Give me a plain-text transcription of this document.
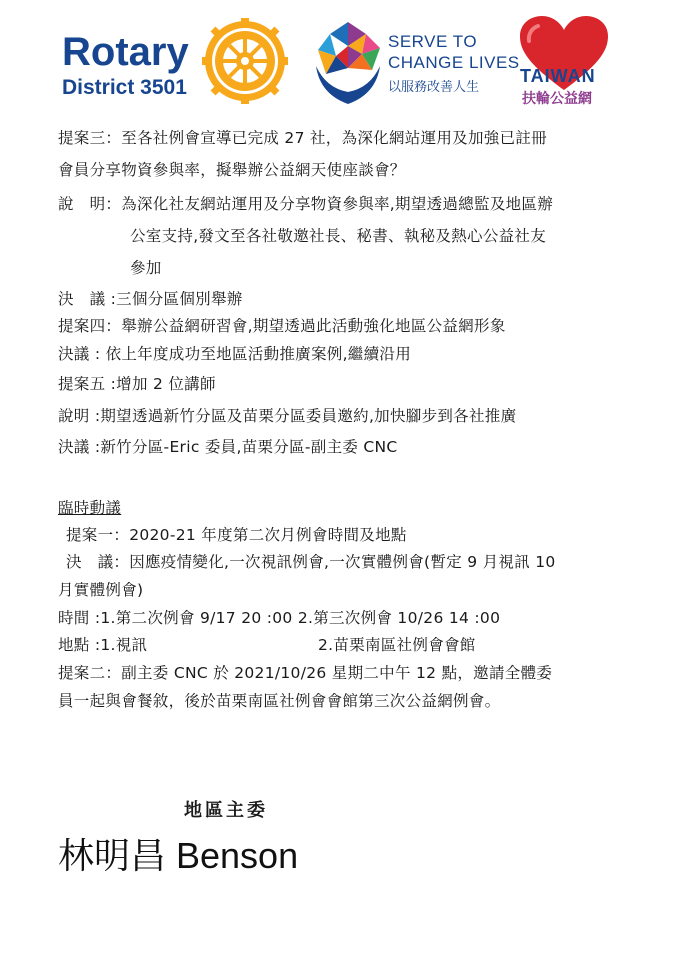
Rotary
District 3501
SERVE TO
CHANGE LIVES
以服務改善人生
TAIWAN
扶輪公益網
提案三：至各社例會宣導已完成 27 社，為深化網站運用及加強已註冊
會員分享物資參與率，擬舉辦公益網天使座談會？
說　明：為深化社友網站運用及分享物資參與率,期望透過總監及地區辦
公室支持,發文至各社敬邀社長、秘書、執秘及熱心公益社友
參加
決　議 :三個分區個別舉辦
提案四：舉辦公益網研習會,期望透過此活動強化地區公益網形象
決議 : 依上年度成功至地區活動推廣案例,繼續沿用
提案五 :增加 2 位講師
說明 :期望透過新竹分區及苗栗分區委員邀約,加快腳步到各社推廣
決議 :新竹分區-Eric 委員,苗栗分區-副主委 CNC
臨時動議
提案一：2020-21 年度第二次月例會時間及地點
決　議：因應疫情變化,一次視訊例會,一次實體例會(暫定 9 月視訊 10
月實體例會)
時間 :1.第二次例會 9/17 20 :00 2.第三次例會 10/26 14 :00
地點 :1.視訊	2.苗栗南區社例會會館
提案二：副主委 CNC 於 2021/10/26 星期二中午 12 點，邀請全體委
員一起與會餐敘，後於苗栗南區社例會會館第三次公益網例會。
地區主委
林明昌 Benson
